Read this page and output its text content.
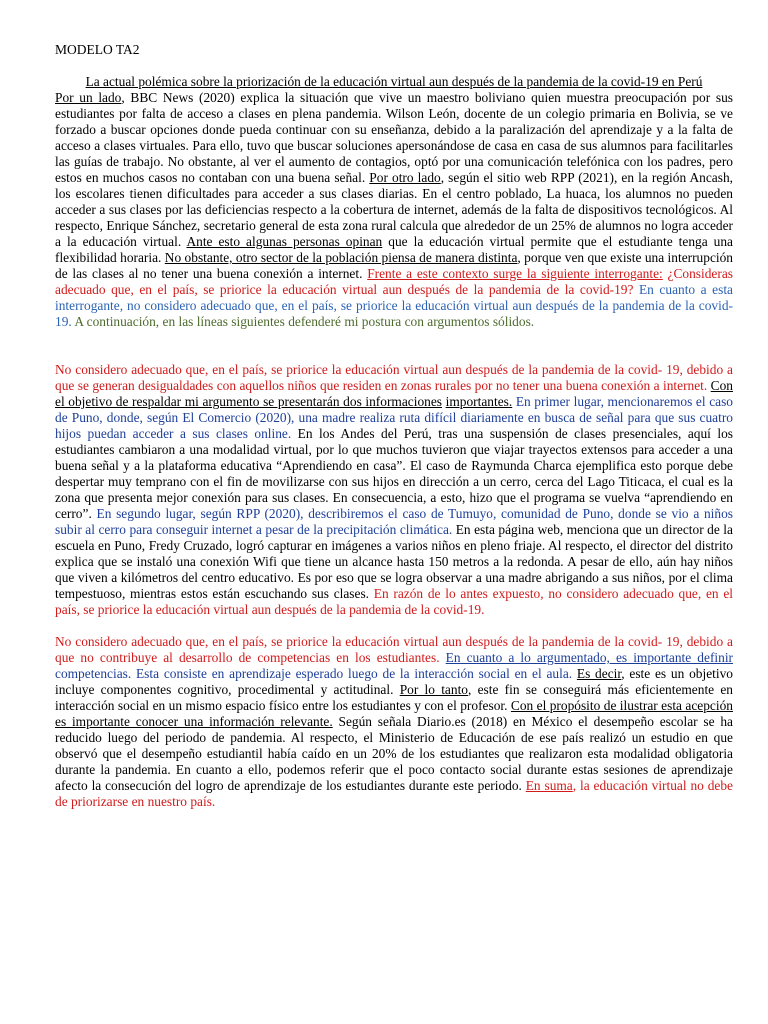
MODELO TA2
La actual polémica sobre la priorización de la educación virtual aun después de la pandemia de la covid-19 en Perú

Por un lado, BBC News (2020) explica la situación que vive un maestro boliviano quien muestra preocupación por sus estudiantes por falta de acceso a clases en plena pandemia. Wilson León, docente de un colegio primaria en Bolivia, se ve forzado a buscar opciones donde pueda continuar con su enseñanza, debido a la paralización del aprendizaje y a la falta de acceso a clases virtuales. Para ello, tuvo que buscar soluciones apersonándose de casa en casa de sus alumnos para facilitarles las guías de trabajo. No obstante, al ver el aumento de contagios, optó por una comunicación telefónica con los padres, pero estos en muchos casos no contaban con una buena señal. Por otro lado, según el sitio web RPP (2021), en la región Ancash, los escolares tienen dificultades para acceder a sus clases diarias. En el centro poblado, La huaca, los alumnos no pueden acceder a sus clases por las deficiencias respecto a la cobertura de internet, además de la falta de dispositivos tecnológicos. Al respecto, Enrique Sánchez, secretario general de esta zona rural calcula que alrededor de un 25% de alumnos no logra acceder a la educación virtual. Ante esto algunas personas opinan que la educación virtual permite que el estudiante tenga una flexibilidad horaria. No obstante, otro sector de la población piensa de manera distinta, porque ven que existe una interrupción de las clases al no tener una buena conexión a internet. Frente a este contexto surge la siguiente interrogante: ¿Consideras adecuado que, en el país, se priorice la educación virtual aun después de la pandemia de la covid-19? En cuanto a esta interrogante, no considero adecuado que, en el país, se priorice la educación virtual aun después de la pandemia de la covid-19. A continuación, en las líneas siguientes defenderé mi postura con argumentos sólidos.

No considero adecuado que, en el país, se priorice la educación virtual aun después de la pandemia de la covid- 19, debido a que se generan desigualdades con aquellos niños que residen en zonas rurales por no tener una buena conexión a internet. Con el objetivo de respaldar mi argumento se presentarán dos informaciones importantes. En primer lugar, mencionaremos el caso de Puno, donde, según El Comercio (2020), una madre realiza ruta difícil diariamente en busca de señal para que sus cuatro hijos puedan acceder a sus clases online. En los Andes del Perú, tras una suspensión de clases presenciales, aquí los estudiantes cambiaron a una modalidad virtual, por lo que muchos tuvieron que viajar trayectos extensos para acceder a una buena señal y a la plataforma educativa “Aprendiendo en casa”. El caso de Raymunda Charca ejemplifica esto porque debe despertar muy temprano con el fin de movilizarse con sus hijos en dirección a un cerro, cerca del Lago Titicaca, el cual es la zona que presenta mejor conexión para sus clases. En consecuencia, a esto, hizo que el programa se vuelva “aprendiendo en cerro”. En segundo lugar, según RPP (2020), describiremos el caso de Tumuyo, comunidad de Puno, donde se vio a niños subir al cerro para conseguir internet a pesar de la precipitación climática. En esta página web, menciona que un director de la escuela en Puno, Fredy Cruzado, logró capturar en imágenes a varios niños en pleno friaje. Al respecto, el director del distrito explica que se instaló una conexión Wifi que tiene un alcance hasta 150 metros a la redonda. A pesar de ello, aún hay niños que viven a kilómetros del centro educativo. Es por eso que se logra observar a una madre abrigando a sus niños, por el clima tempestuoso, mientras estos están escuchando sus clases. En razón de lo antes expuesto, no considero adecuado que, en el país, se priorice la educación virtual aun después de la pandemia de la covid-19.

No considero adecuado que, en el país, se priorice la educación virtual aun después de la pandemia de la covid- 19, debido a que no contribuye al desarrollo de competencias en los estudiantes. En cuanto a lo argumentado, es importante definir competencias. Esta consiste en aprendizaje esperado luego de la interacción social en el aula. Es decir, este es un objetivo incluye componentes cognitivo, procedimental y actitudinal. Por lo tanto, este fin se conseguirá más eficientemente en interacción social en un mismo espacio físico entre los estudiantes y con el profesor. Con el propósito de ilustrar esta acepción es importante conocer una información relevante. Según señala Diario.es (2018) en México el desempeño escolar se ha reducido luego del periodo de pandemia. Al respecto, el Ministerio de Educación de ese país realizó un estudio en que observó que el desempeño estudiantil había caído en un 20% de los estudiantes que realizaron esta modalidad obligatoria durante la pandemia. En cuanto a ello, podemos referir que el poco contacto social durante estas sesiones de aprendizaje afecto la consecución del logro de aprendizaje de los estudiantes durante este periodo. En suma, la educación virtual no debe de priorizarse en nuestro país.
